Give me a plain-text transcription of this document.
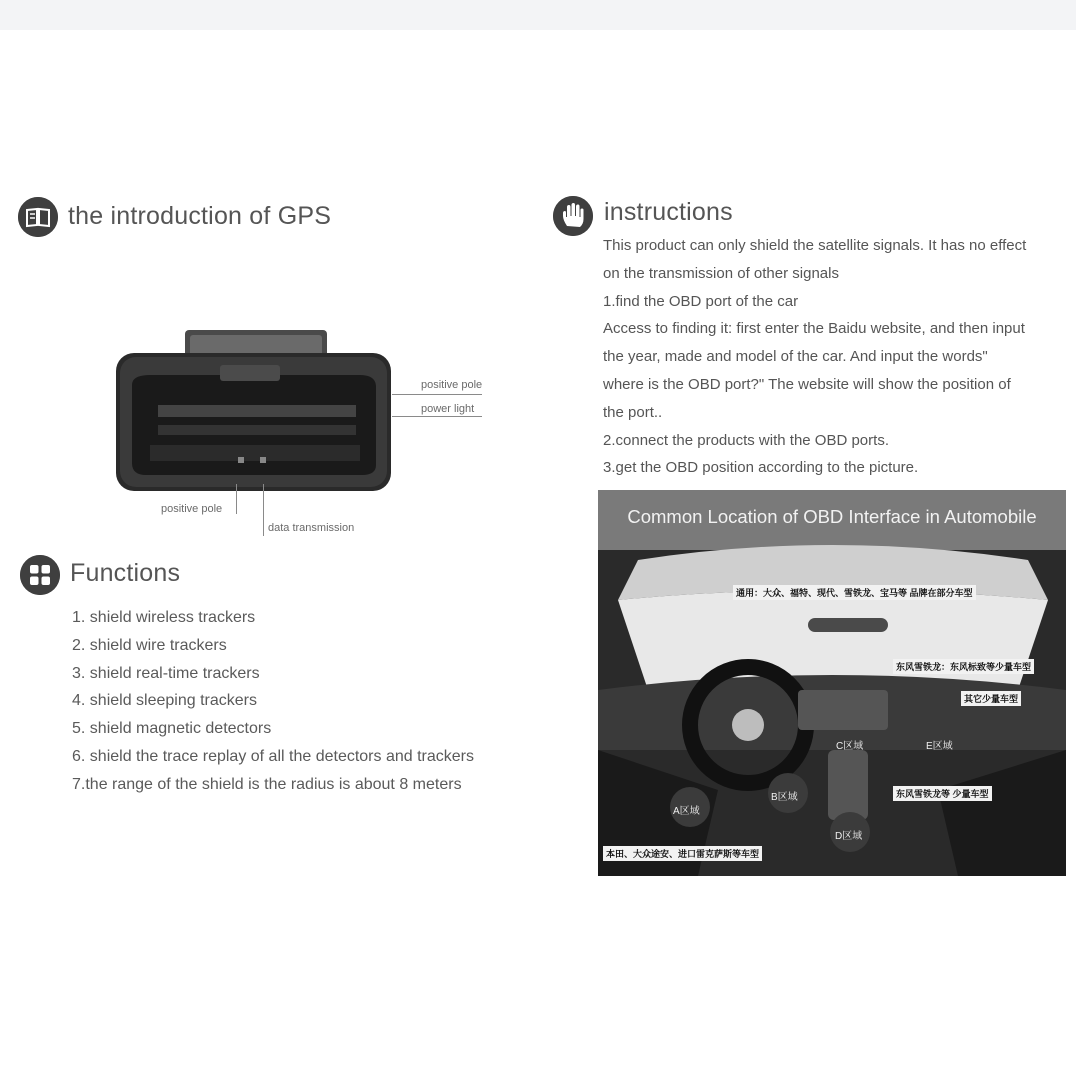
the introduction of GPS
positive pole
power light
positive pole
data transmission
Functions
1. shield wireless trackers
2. shield wire trackers
3. shield real-time trackers
4. shield sleeping trackers
5. shield magnetic detectors
6. shield the trace replay of all the detectors and trackers
7.the range of the shield is the radius is about 8 meters
instructions

This product can only shield the satellite signals. It has no effect

on the transmission of other signals

1.find the OBD port of the car

Access to finding it: first enter the Baidu website, and then input

the year, made and model of the car. And input the words"

where is the OBD port?" The website will show the position of

the port..

2.connect the products with the OBD ports.

3.get the OBD position according to the picture.

Common Location of OBD Interface in Automobile
通用：大众、福特、现代、雪铁龙、宝马等 品牌在部分车型
东风雪铁龙：东风标致等少量车型
其它少量车型
东风雪铁龙等 少量车型
本田、大众途安、进口雷克萨斯等车型
A区域
B区域
C区域
D区域
E区域
